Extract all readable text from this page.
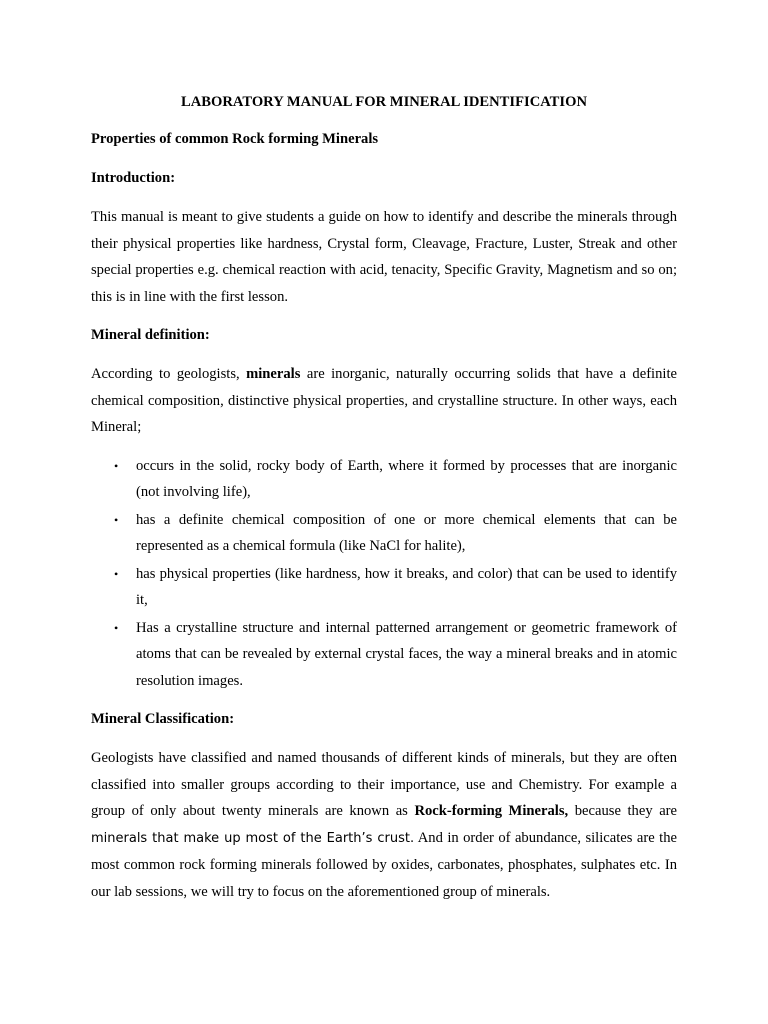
LABORATORY MANUAL FOR MINERAL IDENTIFICATION
Properties of common Rock forming Minerals
Introduction:

This manual is meant to give students a guide on how to identify and describe the minerals through their physical properties like hardness, Crystal form, Cleavage, Fracture, Luster, Streak and other special properties e.g. chemical reaction with acid, tenacity, Specific Gravity, Magnetism and so on; this is in line with the first lesson.

Mineral definition:

According to geologists, minerals are inorganic, naturally occurring solids that have a definite chemical composition, distinctive physical properties, and crystalline structure. In other ways, each Mineral;

• occurs in the solid, rocky body of Earth, where it formed by processes that are inorganic (not involving life),
• has a definite chemical composition of one or more chemical elements that can be represented as a chemical formula (like NaCl for halite),
• has physical properties (like hardness, how it breaks, and color) that can be used to identify it,
• Has a crystalline structure and internal patterned arrangement or geometric framework of atoms that can be revealed by external crystal faces, the way a mineral breaks and in atomic resolution images.
Mineral Classification:

Geologists have classified and named thousands of different kinds of minerals, but they are often classified into smaller groups according to their importance, use and Chemistry. For example a group of only about twenty minerals are known as Rock-forming Minerals, because they are minerals that make up most of the Earth’s crust. And in order of abundance, silicates are the most common rock forming minerals followed by oxides, carbonates, phosphates, sulphates etc. In our lab sessions, we will try to focus on the aforementioned group of minerals.
